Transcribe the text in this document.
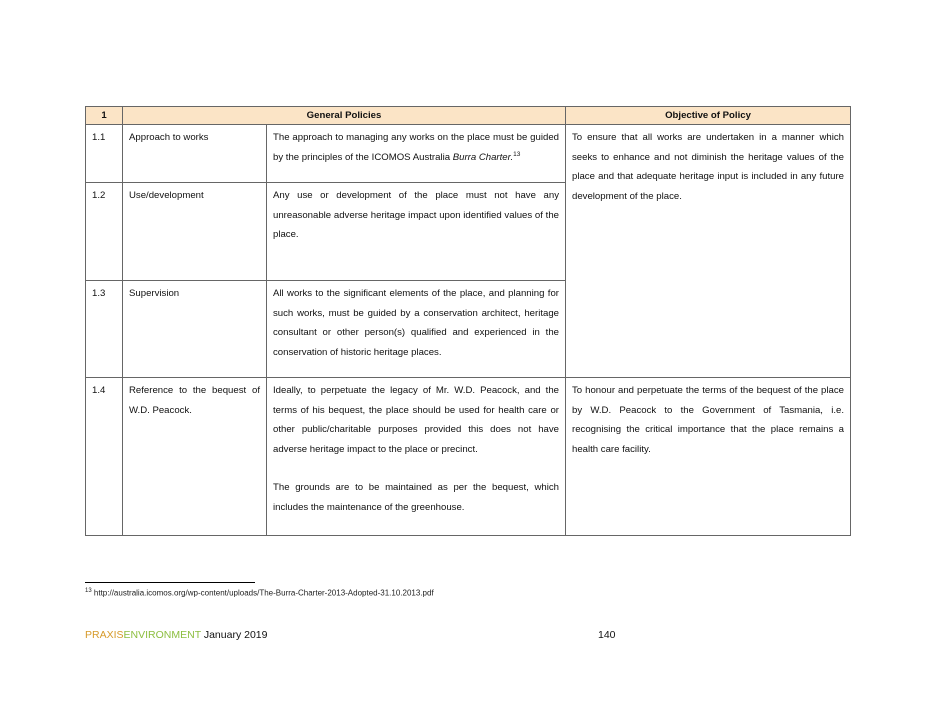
1	General Policies		Objective of Policy
1.1	Approach to works	The approach to managing any works on the place must be guided by the principles of the ICOMOS Australia Burra Charter.$^{13}$	To ensure that all works are undertaken in a manner which seeks to enhance and not diminish the heritage values of the place and that adequate heritage input is included in any future development of the place.
1.2	Use/development	Any use or development of the place must not have any unreasonable adverse heritage impact upon identified values of the place.	
1.3	Supervision	All works to the significant elements of the place, and planning for such works, must be guided by a conservation architect, heritage consultant or other person(s) qualified and experienced in the conservation of historic heritage places.	
1.4	Reference to the bequest of W.D. Peacock.	Ideally, to perpetuate the legacy of Mr. W.D. Peacock, and the terms of his bequest, the place should be used for health care or other public/charitable purposes provided this does not have adverse heritage impact to the place or precinct.
The grounds are to be maintained as per the bequest, which includes the maintenance of the greenhouse.	To honour and perpetuate the terms of the bequest of the place by W.D. Peacock to the Government of Tasmania, i.e. recognising the critical importance that the place remains a health care facility.
$^{13}$ http://australia.icomos.org/wp-content/uploads/The-Burra-Charter-2013-Adopted-31.10.2013.pdf
PRAXISENVIRONMENT January 2019	140
